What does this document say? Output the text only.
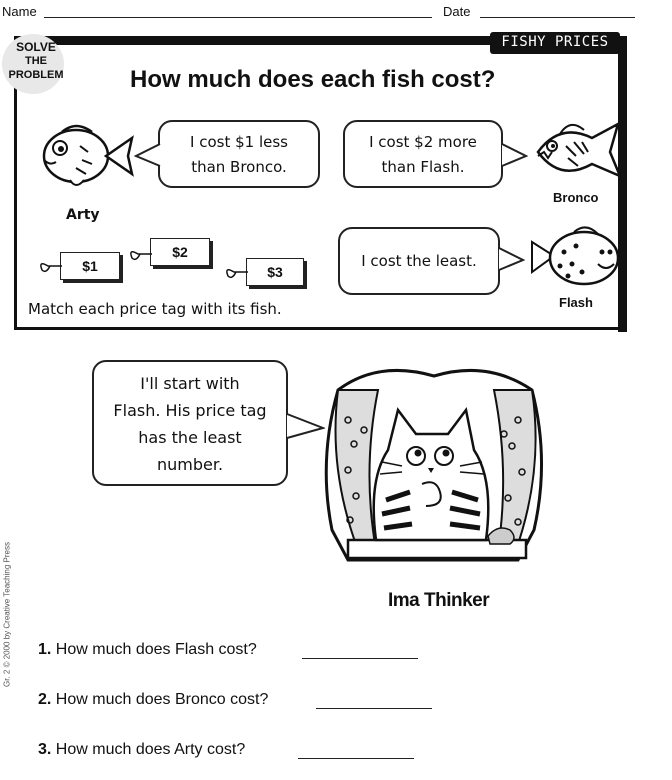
Name	Date
FISHY PRICES
SOLVE
THE
PROBLEM	How much does each fish cost?
Arty
I cost $1 less
than Bronco.
I cost $2 more
than Flash.
Bronco
$1
$2
$3
I cost the least.
Flash
Match each price tag with its fish.
I'll start with
Flash. His price tag
has the least
number.
Ima Thinker
Gr. 2 © 2000 by Creative Teaching Press 1. How much does Flash cost?
2. How much does Bronco cost?
3. How much does Arty cost?
